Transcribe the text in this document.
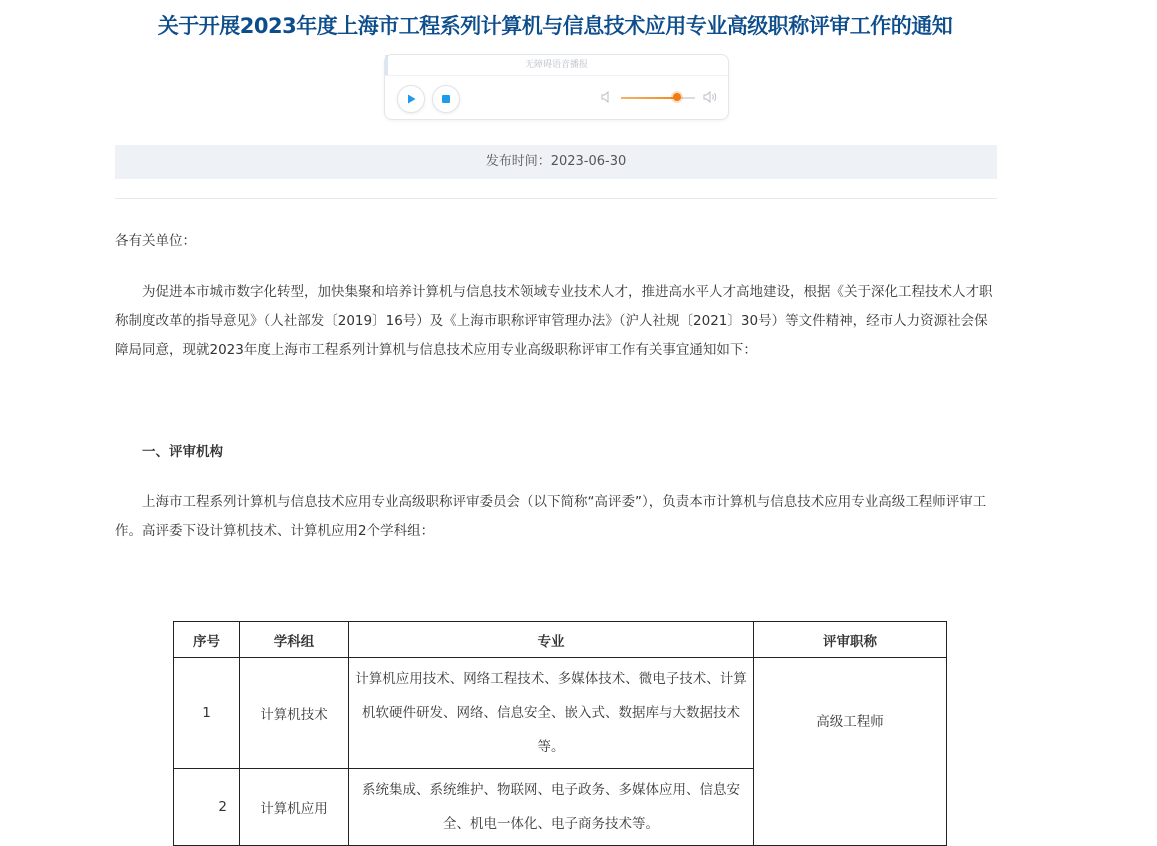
关于开展2023年度上海市工程系列计算机与信息技术应用专业高级职称评审工作的通知
无障碍语音播报
发布时间：2023-06-30
各有关单位：
为促进本市城市数字化转型，加快集聚和培养计算机与信息技术领域专业技术人才，推进高水平人才高地建设，根据《关于深化工程技术人才职称制度改革的指导意见》（人社部发〔2019〕16号）及《上海市职称评审管理办法》（沪人社规〔2021〕30号）等文件精神，经市人力资源社会保障局同意，现就2023年度上海市工程系列计算机与信息技术应用专业高级职称评审工作有关事宜通知如下：
一、评审机构
上海市工程系列计算机与信息技术应用专业高级职称评审委员会（以下简称“高评委”），负责本市计算机与信息技术应用专业高级工程师评审工作。高评委下设计算机技术、计算机应用2个学科组：
序号	学科组	专业	评审职称
1	计算机技术	计算机应用技术、网络工程技术、多媒体技术、微电子技术、计算机软硬件研发、网络、信息安全、嵌入式、数据库与大数据技术等。	高级工程师
2	计算机应用	系统集成、系统维护、物联网、电子政务、多媒体应用、信息安全、机电一体化、电子商务技术等。	
